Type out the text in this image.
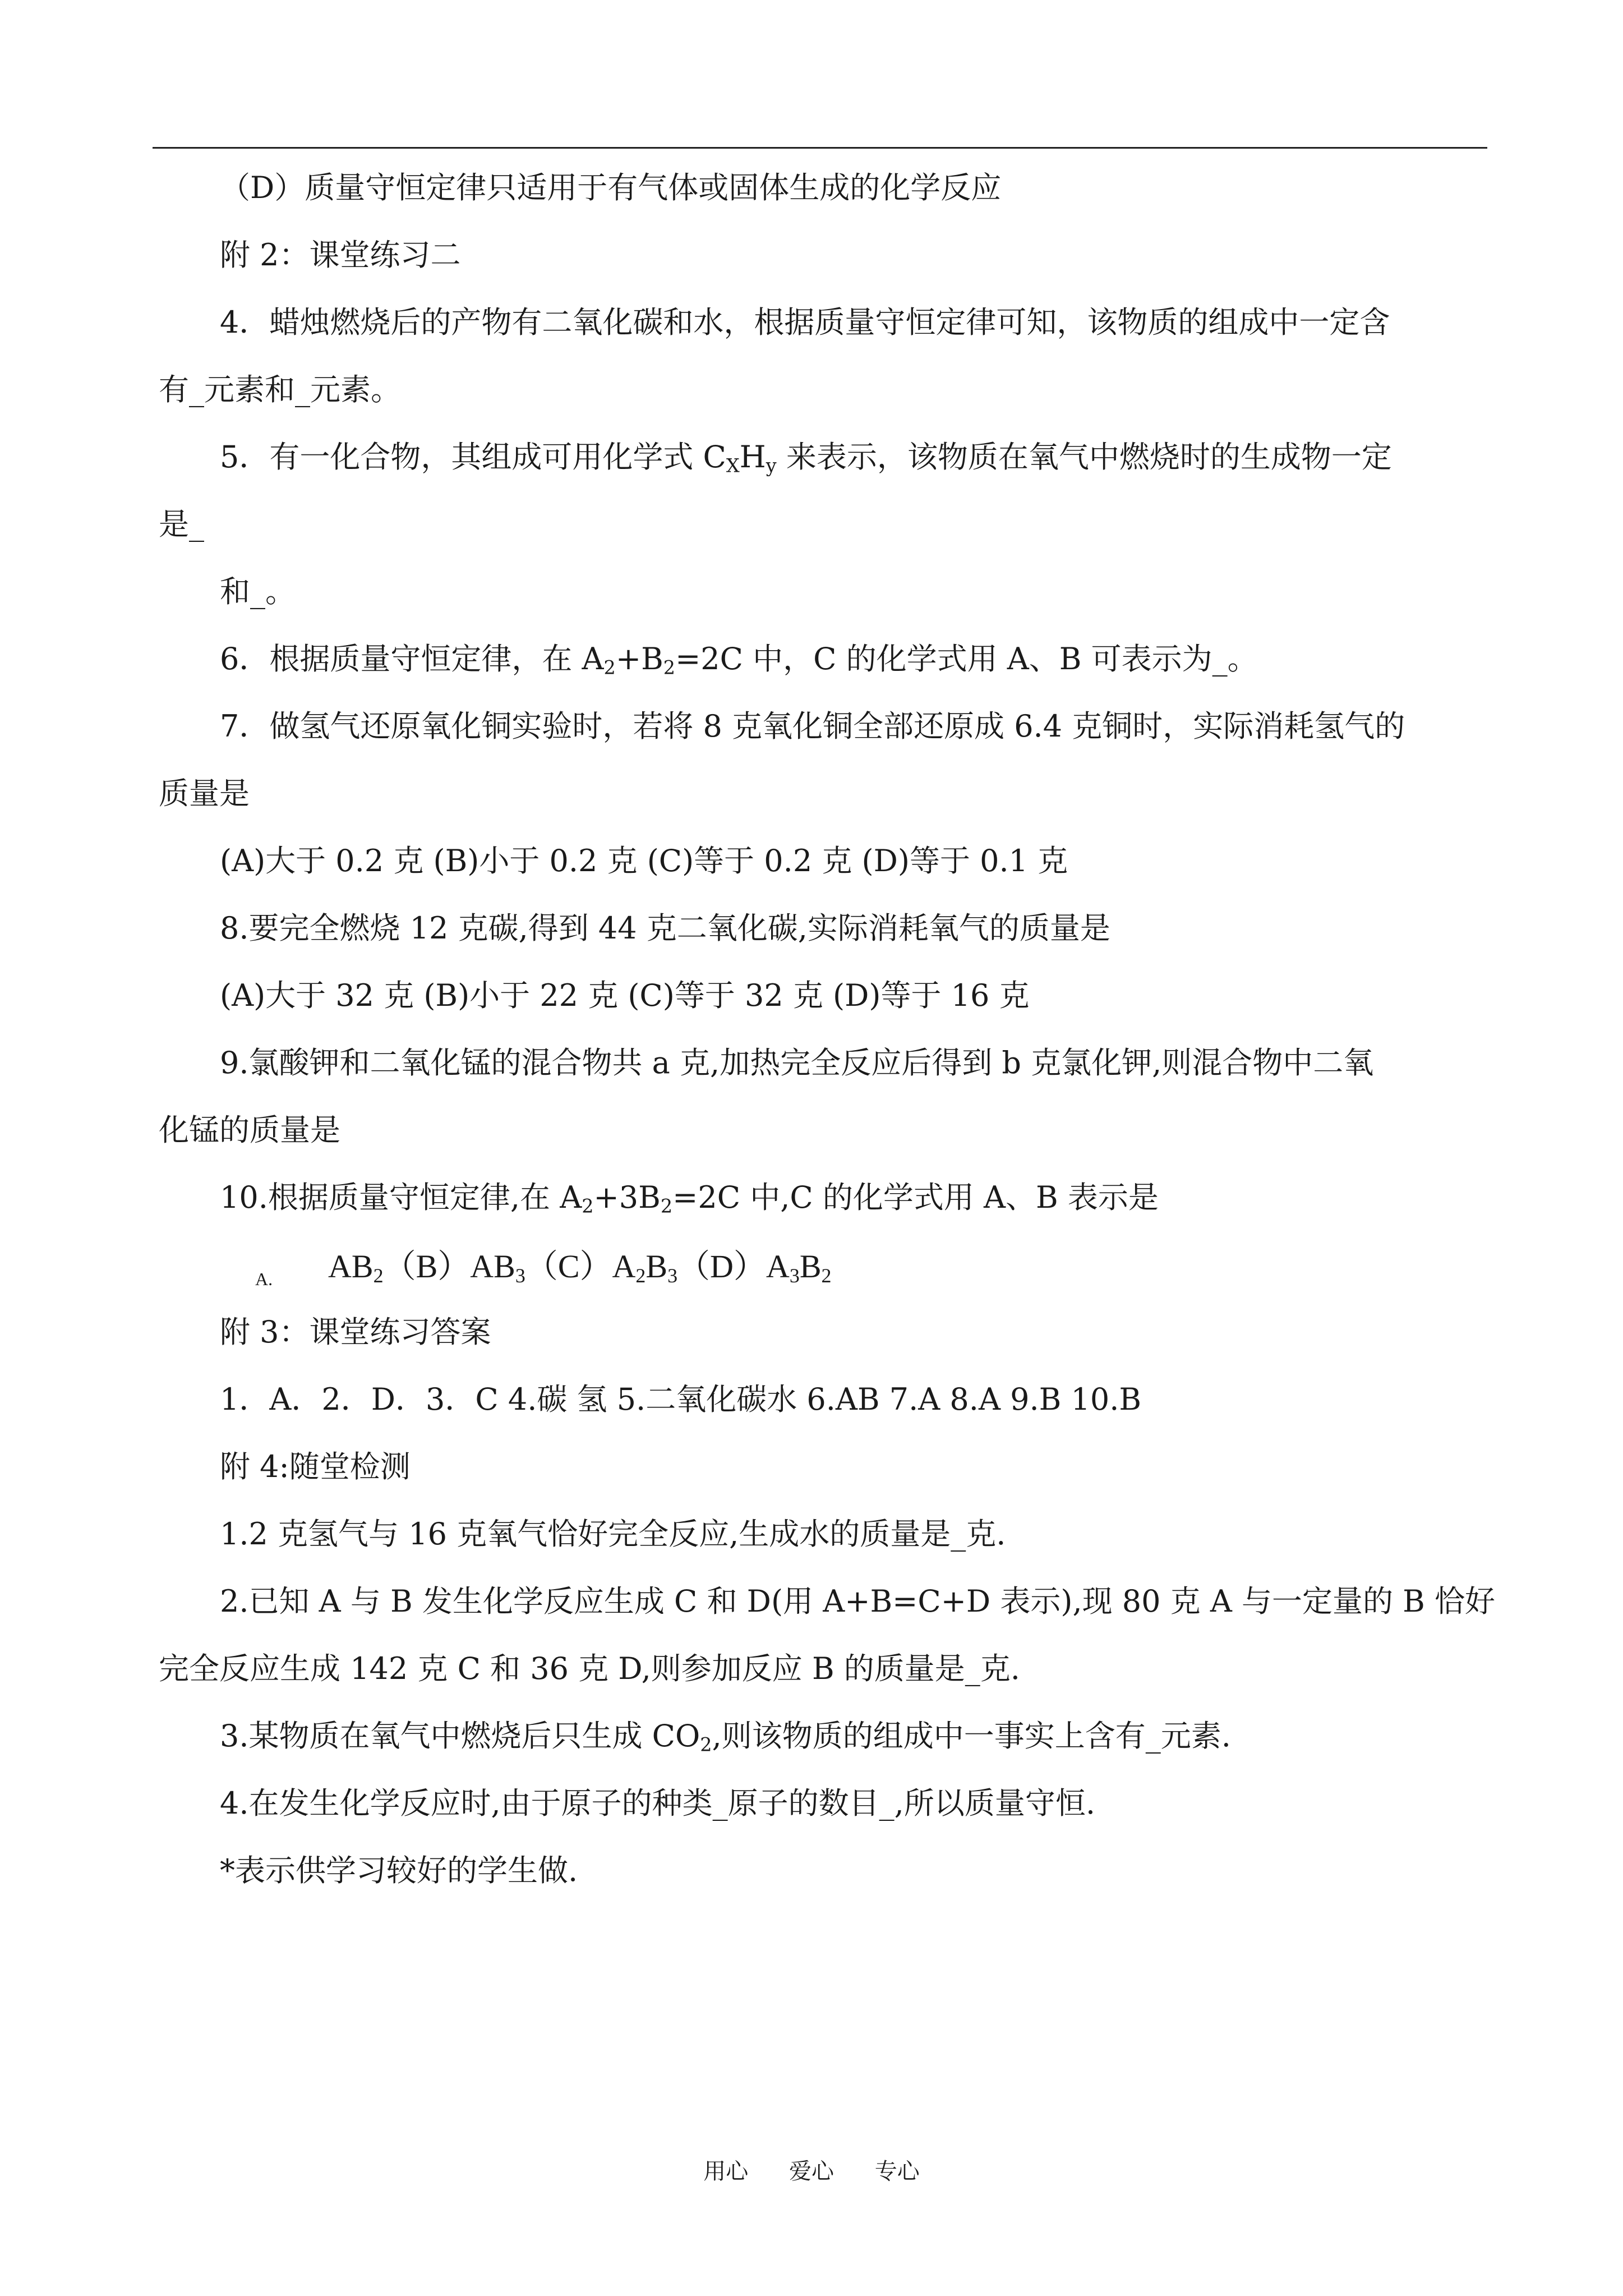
（D）质量守恒定律只适用于有气体或固体生成的化学反应

附 2：课堂练习二

4．蜡烛燃烧后的产物有二氧化碳和水，根据质量守恒定律可知，该物质的组成中一定含

有_元素和_元素。

5．有一化合物，其组成可用化学式 $C_XH_y$ 来表示，该物质在氧气中燃烧时的生成物一定

是_

和_。

6．根据质量守恒定律，在 $A_2+B_2=2C$ 中，C 的化学式用 A、B 可表示为_。

7．做氢气还原氧化铜实验时，若将 8 克氧化铜全部还原成 6.4 克铜时，实际消耗氢气的

质量是

(A)大于 0.2 克 (B)小于 0.2 克 (C)等于 0.2 克 (D)等于 0.1 克

8.要完全燃烧 12 克碳,得到 44 克二氧化碳,实际消耗氧气的质量是

(A)大于 32 克 (B)小于 22 克 (C)等于 32 克 (D)等于 16 克

9.氯酸钾和二氧化锰的混合物共 a 克,加热完全反应后得到 b 克氯化钾,则混合物中二氧

化锰的质量是

10.根据质量守恒定律,在 $A_2+3B_2=2C$ 中,C 的化学式用 A、B 表示是

A. $AB_2(B)AB_3(C)A_2B_3(D)A_3B_2$

附 3：课堂练习答案

1．A．2．D．3．C 4.碳 氢 5.二氧化碳水 6.AB 7.A 8.A 9.B 10.B

附 4:随堂检测

1.2 克氢气与 16 克氧气恰好完全反应,生成水的质量是_克.

2.已知 A 与 B 发生化学反应生成 C 和 D(用 A+B=C+D 表示),现 80 克 A 与一定量的 B 恰好

完全反应生成 142 克 C 和 36 克 D,则参加反应 B 的质量是_克.

3.某物质在氧气中燃烧后只生成 $CO_2$,则该物质的组成中一事实上含有_元素.

4.在发生化学反应时,由于原子的种类_原子的数目_,所以质量守恒.

*表示供学习较好的学生做.

用心 爱心 专心
